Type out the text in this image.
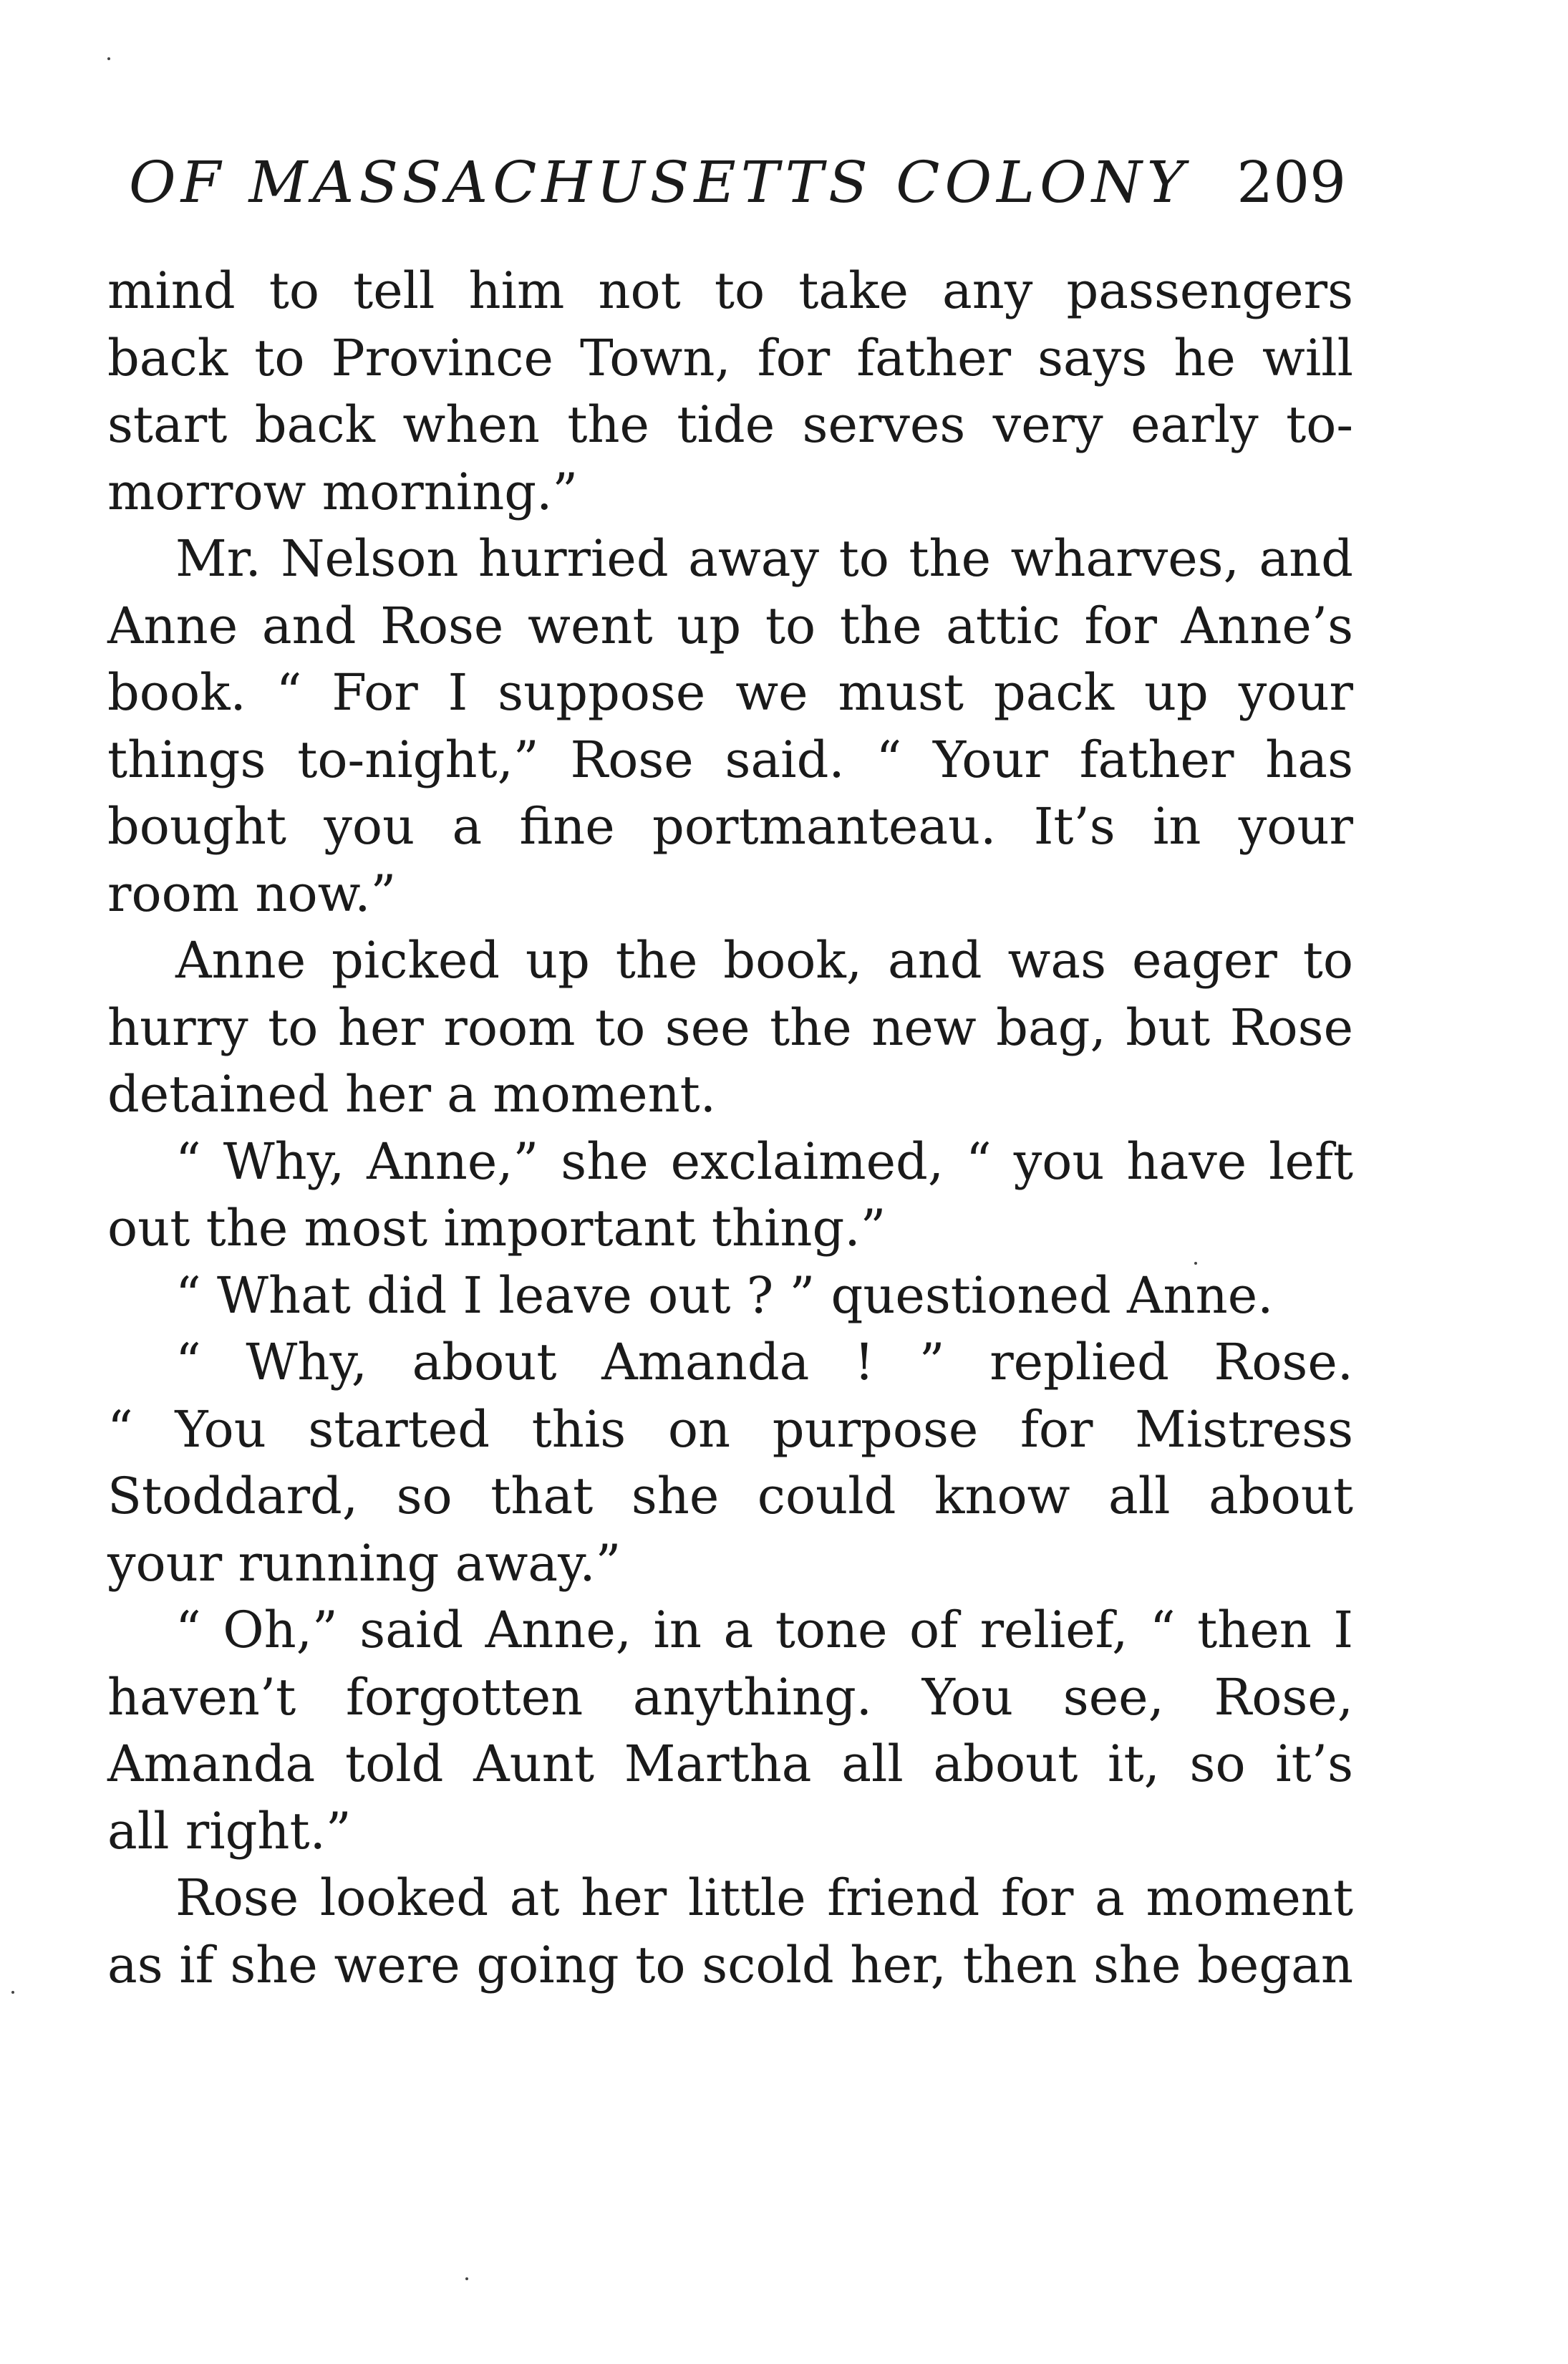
OF MASSACHUSETTS COLONY 209
mind to tell him not to take any passengers
back to Province Town, for father says he will
start back when the tide serves very early to-
morrow morning.”
Mr. Nelson hurried away to the wharves, and
Anne and Rose went up to the attic for Anne’s
book. “ For I suppose we must pack up your
things to-night,” Rose said. “ Your father has
bought you a fine portmanteau. It’s in your
room now.”
Anne picked up the book, and was eager to
hurry to her room to see the new bag, but Rose
detained her a moment.
“ Why, Anne,” she exclaimed, “ you have left
out the most important thing.”
“ What did I leave out ? ” questioned Anne.
“ Why, about Amanda ! ” replied Rose.
“ You started this on purpose for Mistress
Stoddard, so that she could know all about
your running away.”
“ Oh,” said Anne, in a tone of relief, “ then I
haven’t forgotten anything. You see, Rose,
Amanda told Aunt Martha all about it, so it’s
all right.”
Rose looked at her little friend for a moment
as if she were going to scold her, then she began
